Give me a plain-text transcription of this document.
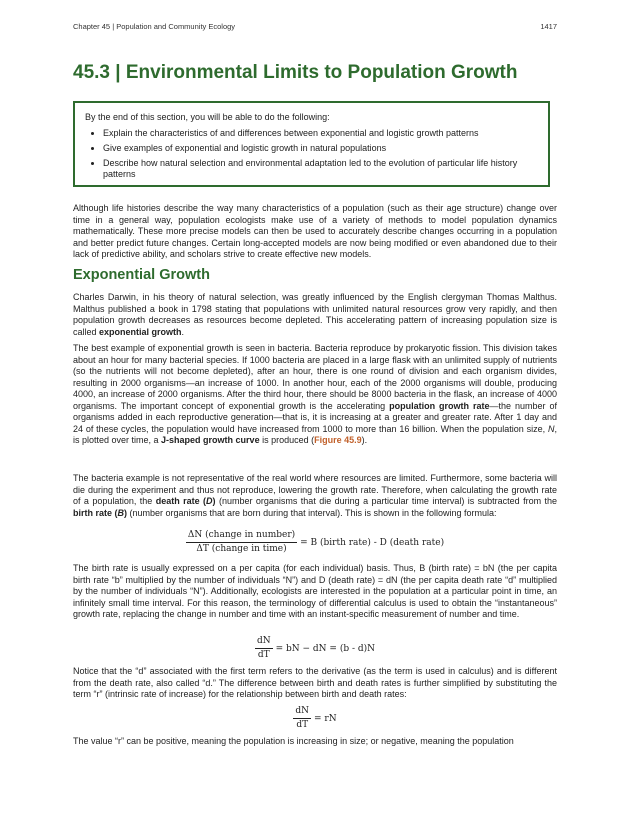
Chapter 45 | Population and Community Ecology	1417
45.3 | Environmental Limits to Population Growth

By the end of this section, you will be able to do the following:

• Explain the characteristics of and differences between exponential and logistic growth patterns
• Give examples of exponential and logistic growth in natural populations
• Describe how natural selection and environmental adaptation led to the evolution of particular life history patterns

Although life histories describe the way many characteristics of a population (such as their age structure) change over time in a general way, population ecologists make use of a variety of methods to model population dynamics mathematically. These more precise models can then be used to accurately describe changes occurring in a population and better predict future changes. Certain long-accepted models are now being modified or even abandoned due to their lack of predictive ability, and scholars strive to create effective new models.

Exponential Growth

Charles Darwin, in his theory of natural selection, was greatly influenced by the English clergyman Thomas Malthus. Malthus published a book in 1798 stating that populations with unlimited natural resources grow very rapidly, and then population growth decreases as resources become depleted. This accelerating pattern of increasing population size is called exponential growth.

The best example of exponential growth is seen in bacteria. Bacteria reproduce by prokaryotic fission. This division takes about an hour for many bacterial species. If 1000 bacteria are placed in a large flask with an unlimited supply of nutrients (so the nutrients will not become depleted), after an hour, there is one round of division and each organism divides, resulting in 2000 organisms—an increase of 1000. In another hour, each of the 2000 organisms will double, producing 4000, an increase of 2000 organisms. After the third hour, there should be 8000 bacteria in the flask, an increase of 4000 organisms. The important concept of exponential growth is the accelerating population growth rate—the number of organisms added in each reproductive generation—that is, it is increasing at a greater and greater rate. After 1 day and 24 of these cycles, the population would have increased from 1000 to more than 16 billion. When the population size, N, is plotted over time, a J-shaped growth curve is produced (Figure 45.9).

The bacteria example is not representative of the real world where resources are limited. Furthermore, some bacteria will die during the experiment and thus not reproduce, lowering the growth rate. Therefore, when calculating the growth rate of a population, the death rate (D) (number organisms that die during a particular time interval) is subtracted from the birth rate (B) (number organisms that are born during that interval). This is shown in the following formula:

$\frac{\text{ΔN (change in number)}}{\text{ΔT (change in time)}} = B$ (birth rate) - D (death rate)

The birth rate is usually expressed on a per capita (for each individual) basis. Thus, B (birth rate) = bN (the per capita birth rate “b” multiplied by the number of individuals “N”) and D (death rate) = dN (the per capita death rate “d” multiplied by the number of individuals “N”). Additionally, ecologists are interested in the population at a particular point in time, an infinitely small time interval. For this reason, the terminology of differential calculus is used to obtain the “instantaneous” growth rate, replacing the change in number and time with an instant-specific measurement of number and time.

$\frac{dN}{dT}$ = bN − dN = (b - d)N

Notice that the “d” associated with the first term refers to the derivative (as the term is used in calculus) and is different from the death rate, also called “d.” The difference between birth and death rates is further simplified by substituting the term “r” (intrinsic rate of increase) for the relationship between birth and death rates:

$\frac{dN}{dT}$ = rN

The value “r” can be positive, meaning the population is increasing in size; or negative, meaning the population
